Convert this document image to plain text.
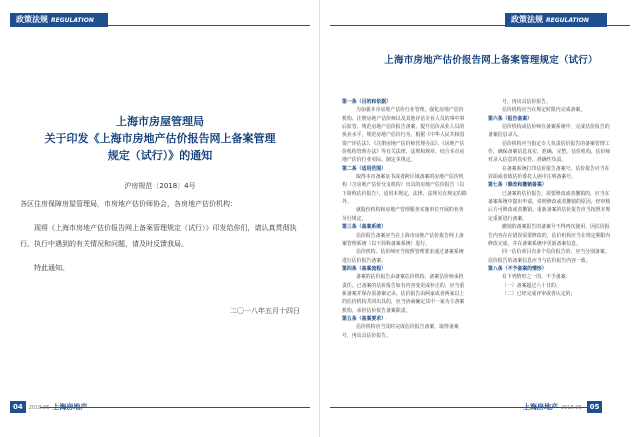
政策法规 REGULATION
上海市房屋管理局
关于印发《上海市房地产估价报告网上备案管理
规定（试行）》的通知
沪房规范〔2018〕4号

各区住房保障房屋管理局，市房地产估价师协会，各房地产估价机构：

现将《上海市房地产估价报告网上备案管理规定（试行）》印发给你们，请认真贯彻执行。执行中遇到的有关情况和问题，请及时反馈我局。

特此通知。

二〇一八年五月十四日
04 2018.06 上海房地产
政策法规 REGULATION
上海市房地产估价报告网上备案管理规定（试行）

第一条（目的和依据）

为加强本市房地产估价行业管理，强化房地产估价机构、注册房地产估价师以及其他评估专业人员的事中事后监管，规范房地产估价报告备案，提升估价从业人员的执业水平，规范房地产估价行为，根据《中华人民共和国资产评估法》、《注册房地产估价师管理办法》、《房地产估价机构管理办法》等有关法律、法规和规章，结合本市房地产估价行业实际，制定本规定。

第二条（适用范围）

取得本市备案证书或者跨区域备案的房地产估价机构（含房地产估价分支机构）出具的房地产估价报告（以下简称估价报告），适用本规定。法律、法规另有规定的除外。

就股份机构和房地产管理服务实施单位开展的业务另行规定。

第三条（备案系统）

估价报告备案应当在上海市房地产估价报告网上备案管理系统（以下简称备案系统）进行。

估价机构、估价师应当按照管理要求通过备案系统进行估价报告备案。

第四条（备案流程）

备案的估价报告由备案估价机构、备案估价师承担责任。已备案的估价报告如有内容变更或补正的，应当重新备案并保存原备案记录。估价报告由两家或者两家以上的估价机构共同出具的，应当协商确定其中一家为主备案机构，承担估价报告备案职责。

第五条（备案要求）

估价机构应当及时完成估价报告备案，取得备案号，再出具估价报告。

号，再出具估价报告。

估价机构应当在规定时限内完成备案。

第六条（报告备案）

估价机构或估价师在备案系统中，完成估价报告的备案信息录入。

估价机构应当指定专人负责估价报告的备案管理工作，确保备案信息真实、准确、完整。估价机构、估价师对录入信息的真实性、准确性负责。

在备案系统打印估价报告备案号，估价报告应当在封面或者致估价委托人函中注明备案号。

第七条（修改和撤销备案）

已备案的估价报告，需要修改或者撤销的，应当在备案系统中提出申请，说明修改或者撤销的原因，经审核后方可修改或者撤销。重新备案的估价报告应当按照本规定重新进行备案。

撤销的备案报告的备案号不得再次使用。因估价报告内容存在错误需要修改的，估价机构应当在规定期限内修改完成，并在备案系统中更新备案信息。

同一估价项目有多个估价报告的，应当分别备案。估价报告的备案信息应当与估价报告内容一致。

第八条（不予备案的情形）

有下列情形之一的，不予备案：

（一）备案超过六十日的；

（二）已经完成评审或者认定的；

上海房地产 2018.06 05
